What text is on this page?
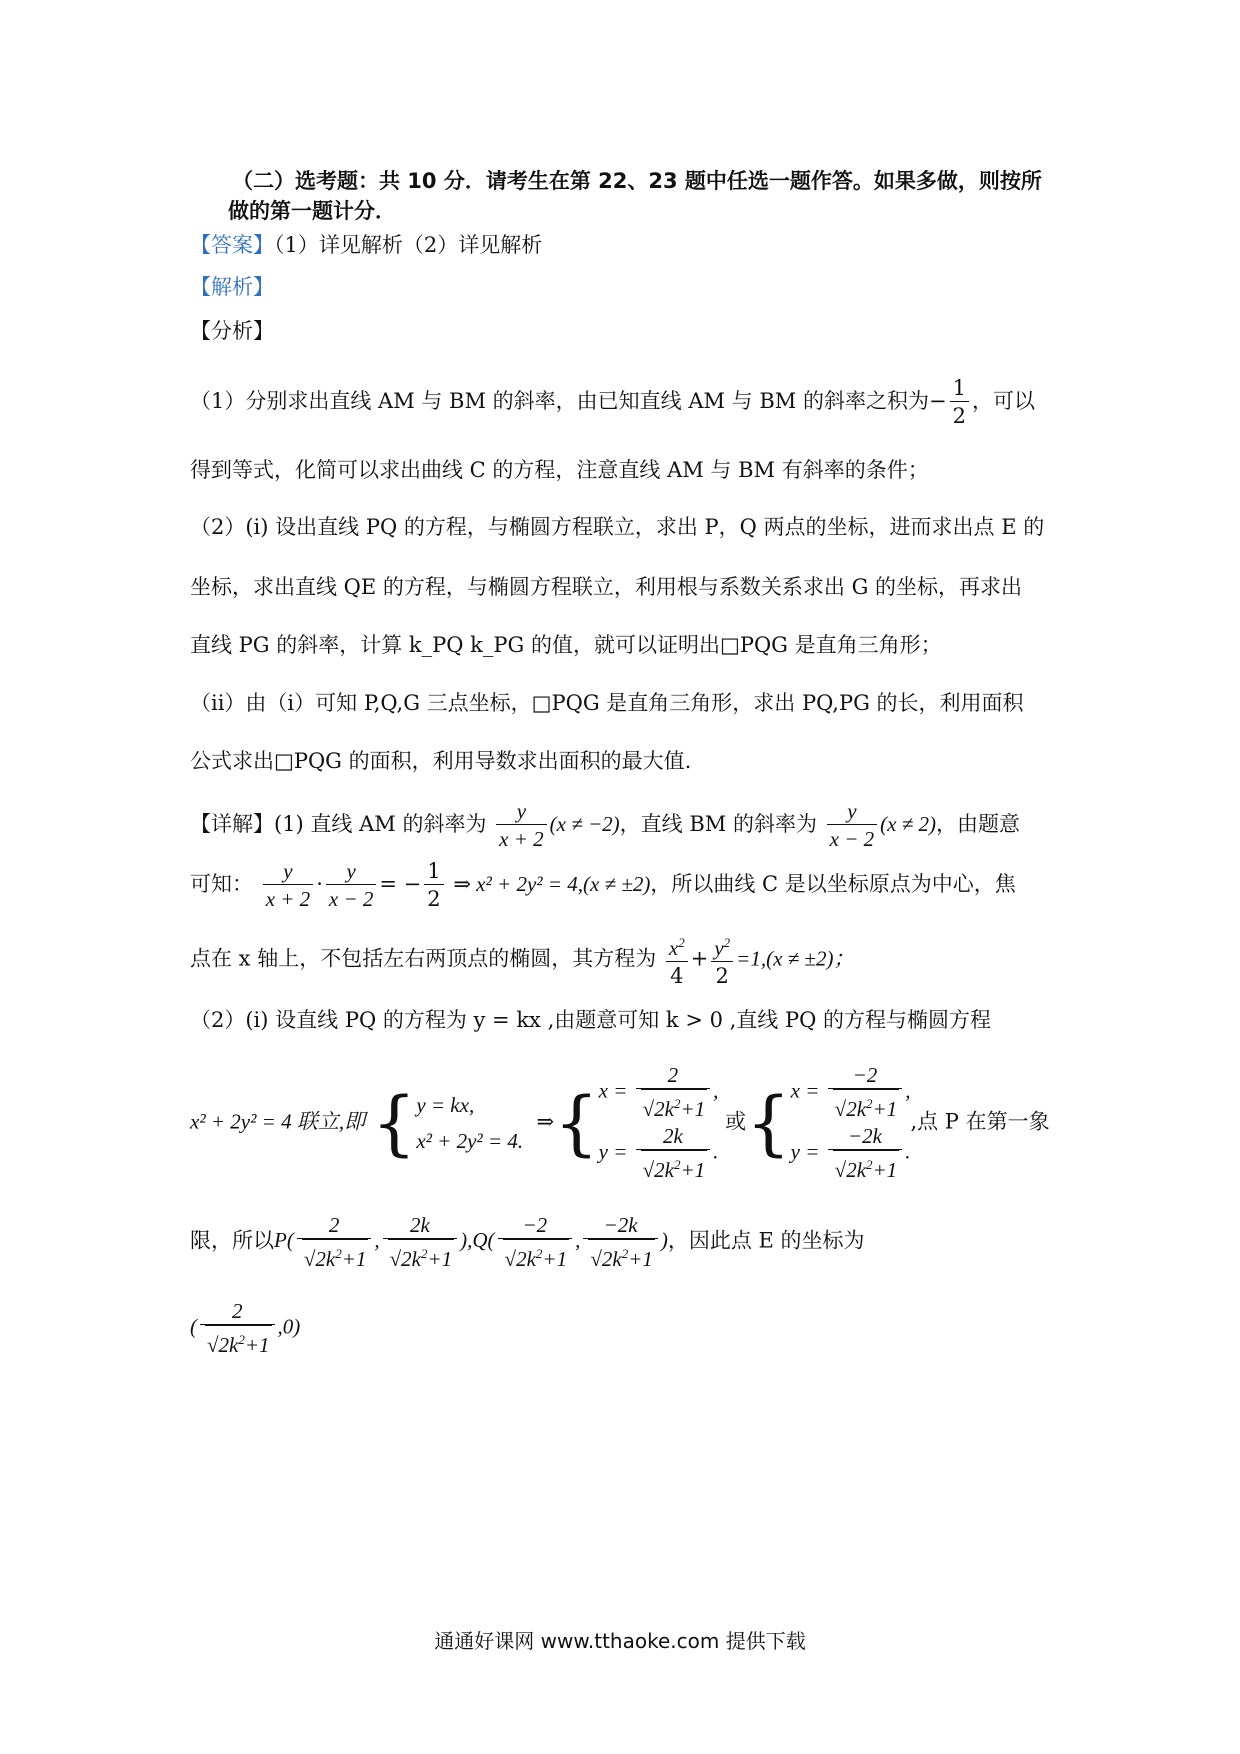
（二）选考题：共 10 分．请考生在第 22、23 题中任选一题作答。如果多做，则按所
做的第一题计分．
【答案】（1）详见解析（2）详见解析
【解析】
【分析】
（1）分别求出直线 AM 与 BM 的斜率，由已知直线 AM 与 BM 的斜率之积为− $\frac{1}{2}$ ，可以
得到等式，化简可以求出曲线 C 的方程，注意直线 AM 与 BM 有斜率的条件；
（2）(i) 设出直线 PQ 的方程，与椭圆方程联立，求出 P，Q 两点的坐标，进而求出点 E 的
坐标，求出直线 QE 的方程，与椭圆方程联立，利用根与系数关系求出 G 的坐标，再求出
直线 PG 的斜率，计算 k_PQ k_PG 的值，就可以证明出□PQG 是直角三角形；
（ii）由（i）可知 P,Q,G 三点坐标，□PQG 是直角三角形，求出 PQ,PG 的长，利用面积
公式求出□PQG 的面积，利用导数求出面积的最大值.
【详解】(1) 直线 AM 的斜率为 $\frac{y}{x + 2} (x \ne -2)$，直线 BM 的斜率为 $\frac{y}{x - 2} (x \ne 2)$，由题意
可知： $\frac{y}{x + 2} \cdot \frac{y}{x - 2}$ = − $\frac{1}{2}$ ⇒ x² + 2y² = 4,(x ≠ ±2)，所以曲线 C 是以坐标原点为中心，焦
点在 x 轴上，不包括左右两顶点的椭圆，其方程为 $\frac{x^2}{4} + \frac{y^2}{2} =1,(x \ne \pm 2)$；
（2）(i) 设直线 PQ 的方程为 y = kx ,由题意可知 k > 0 ,直线 PQ 的方程与椭圆方程
x² + 2y² = 4 联立,即 { y = kx,
x² + 2y² = 4.
⇒{ x = 2
√ $2k^2+1$ ,
y = 2k
√ $2k^2+1$ .
或{ x = −2
√ $2k^2+1$ ,
y = −2k
√ $2k^2+1$ .
,点 P 在第一象
限，所以P( 2
√ $2k^2+1$ , 2k
√ $2k^2+1$ ),Q( −2
√ $2k^2+1$ , −2k
√ $2k^2+1$ )，因此点 E 的坐标为
( 2
√ $2k^2+1$ ,0)
通通好课网 www.tthaoke.com 提供下载
